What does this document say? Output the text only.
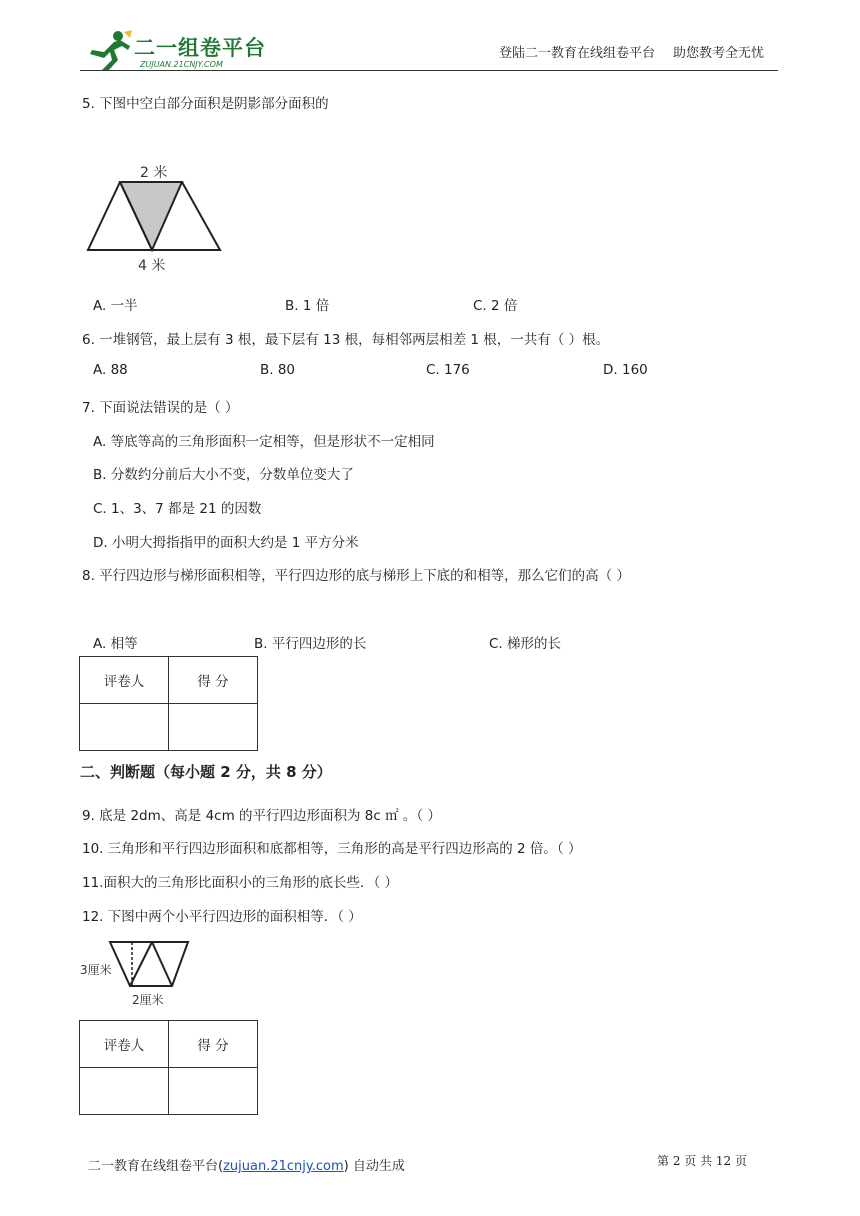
二一组卷平台
ZUJUAN.21CNJY.COM
登陆二一教育在线组卷平台 助您教考全无忧
5. 下图中空白部分面积是阴影部分面积的
2 米
4 米
A. 一半	B. 1 倍	C. 2 倍
6. 一堆钢管，最上层有 3 根，最下层有 13 根，每相邻两层相差 1 根，一共有（ ）根。
A. 88	B. 80	C. 176	D. 160
7. 下面说法错误的是（ ）
A. 等底等高的三角形面积一定相等，但是形状不一定相同
B. 分数约分前后大小不变，分数单位变大了
C. 1、3、7 都是 21 的因数
D. 小明大拇指指甲的面积大约是 1 平方分米
8. 平行四边形与梯形面积相等，平行四边形的底与梯形上下底的和相等，那么它们的高（ ）
A. 相等	B. 平行四边形的长	C. 梯形的长
评卷人	得 分

二、判断题（每小题 2 分，共 8 分）
9. 底是 2dm、高是 4cm 的平行四边形面积为 8c ㎡ 。（ ）
10. 三角形和平行四边形面积和底都相等，三角形的高是平行四边形高的 2 倍。（ ）
11.面积大的三角形比面积小的三角形的底长些．（ ）
12. 下图中两个小平行四边形的面积相等．（ ）
3厘米
2厘米
评卷人	得 分

二一教育在线组卷平台(zujuan.21cnjy.com) 自动生成	第 2 页 共 12 页
